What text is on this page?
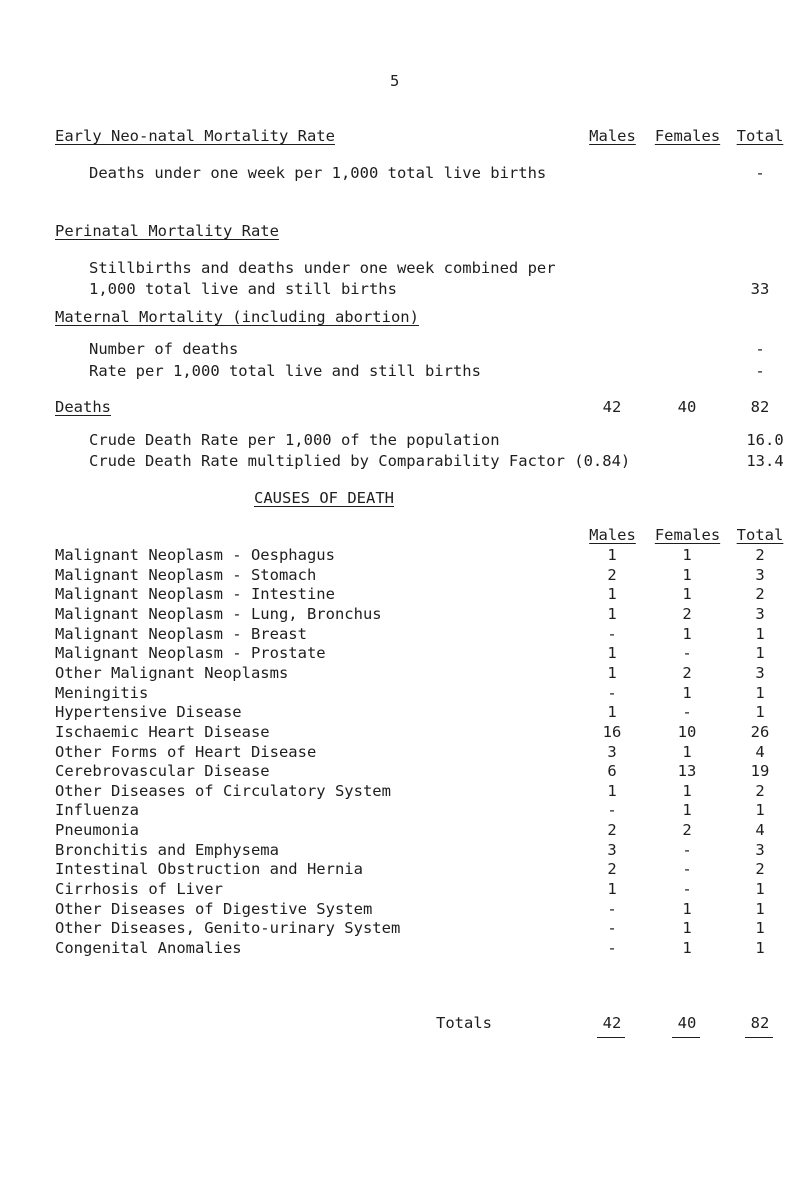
5
Early Neo-natal Mortality Rate	Males	Females	Total
Deaths under one week per 1,000 total live births	-
Perinatal Mortality Rate
Stillbirths and deaths under one week combined per
1,000 total live and still births	33
Maternal Mortality (including abortion)
Number of deaths	-
Rate per 1,000 total live and still births	-
Deaths	42	40	82
Crude Death Rate per 1,000 of the population	16.0
Crude Death Rate multiplied by Comparability Factor (0.84)	13.4
CAUSES OF DEATH
Males	Females	Total
Malignant Neoplasm - Oesphagus	1	1	2
Malignant Neoplasm - Stomach	2	1	3
Malignant Neoplasm - Intestine	1	1	2
Malignant Neoplasm - Lung, Bronchus	1	2	3
Malignant Neoplasm - Breast	-	1	1
Malignant Neoplasm - Prostate	1	-	1
Other Malignant Neoplasms	1	2	3
Meningitis	-	1	1
Hypertensive Disease	1	-	1
Ischaemic Heart Disease	16	10	26
Other Forms of Heart Disease	3	1	4
Cerebrovascular Disease	6	13	19
Other Diseases of Circulatory System	1	1	2
Influenza	-	1	1
Pneumonia	2	2	4
Bronchitis and Emphysema	3	-	3
Intestinal Obstruction and Hernia	2	-	2
Cirrhosis of Liver	1	-	1
Other Diseases of Digestive System	-	1	1
Other Diseases, Genito-urinary System	-	1	1
Congenital Anomalies	-	1	1
Totals	42	40	82
